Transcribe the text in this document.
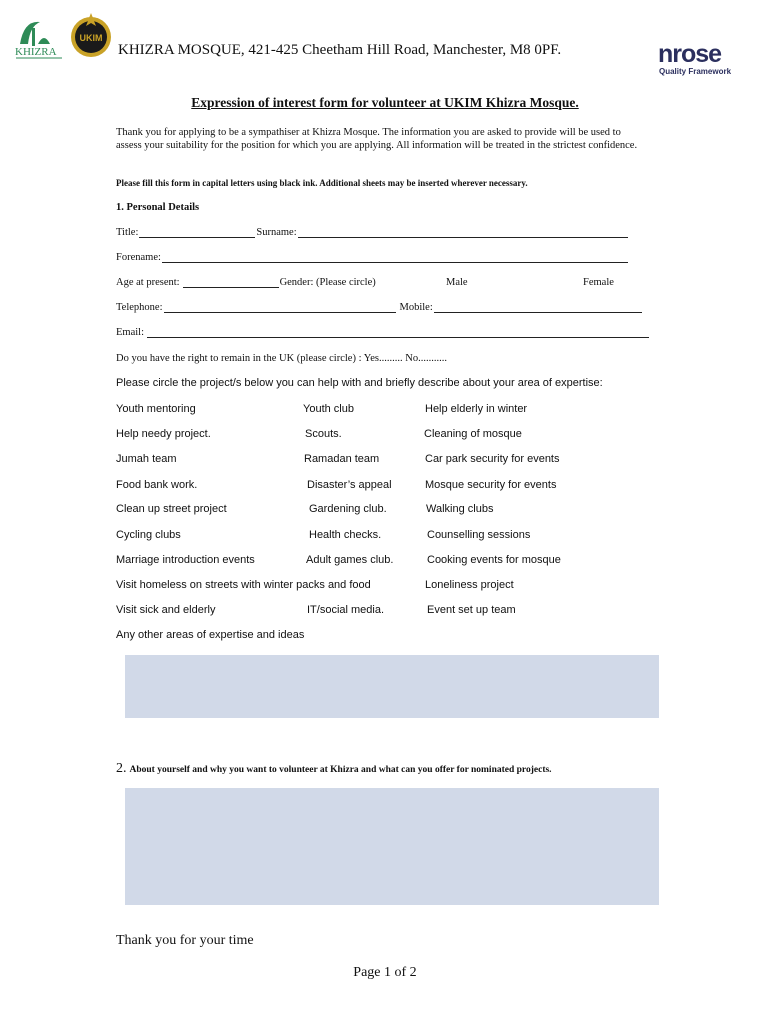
KHIZRA
UKIM
KHIZRA MOSQUE, 421-425 Cheetham Hill Road, Manchester, M8 0PF.	nrose
Quality Framework
Expression of interest form for volunteer at UKIM Khizra Mosque.
Thank you for applying to be a sympathiser at Khizra Mosque. The information you are asked to provide will be used to assess your suitability for the position for which you are applying. All information will be treated in the strictest confidence.
Please fill this form in capital letters using black ink. Additional sheets may be inserted wherever necessary.
1. Personal Details
Title:	Surname:
Forename:
Age at present:	Gender: (Please circle)	Male	Female
Telephone:	Mobile:
Email:
Do you have the right to remain in the UK (please circle) : Yes......... No...........
Please circle the project/s below you can help with and briefly describe about your area of expertise:
Youth mentoring	Youth club	Help elderly in winter
Help needy project.	Scouts.	Cleaning of mosque
Jumah team	Ramadan team	Car park security for events
Food bank work.	Disaster’s appeal	Mosque security for events
Clean up street project	Gardening club.	Walking clubs
Cycling clubs	Health checks.	Counselling sessions
Marriage introduction events	Adult games club.	Cooking events for mosque
Visit homeless on streets with winter packs and food	Loneliness project
Visit sick and elderly	IT/social media.	Event set up team
Any other areas of expertise and ideas
2. About yourself and why you want to volunteer at Khizra and what can you offer for nominated projects.
Thank you for your time
Page 1 of 2
